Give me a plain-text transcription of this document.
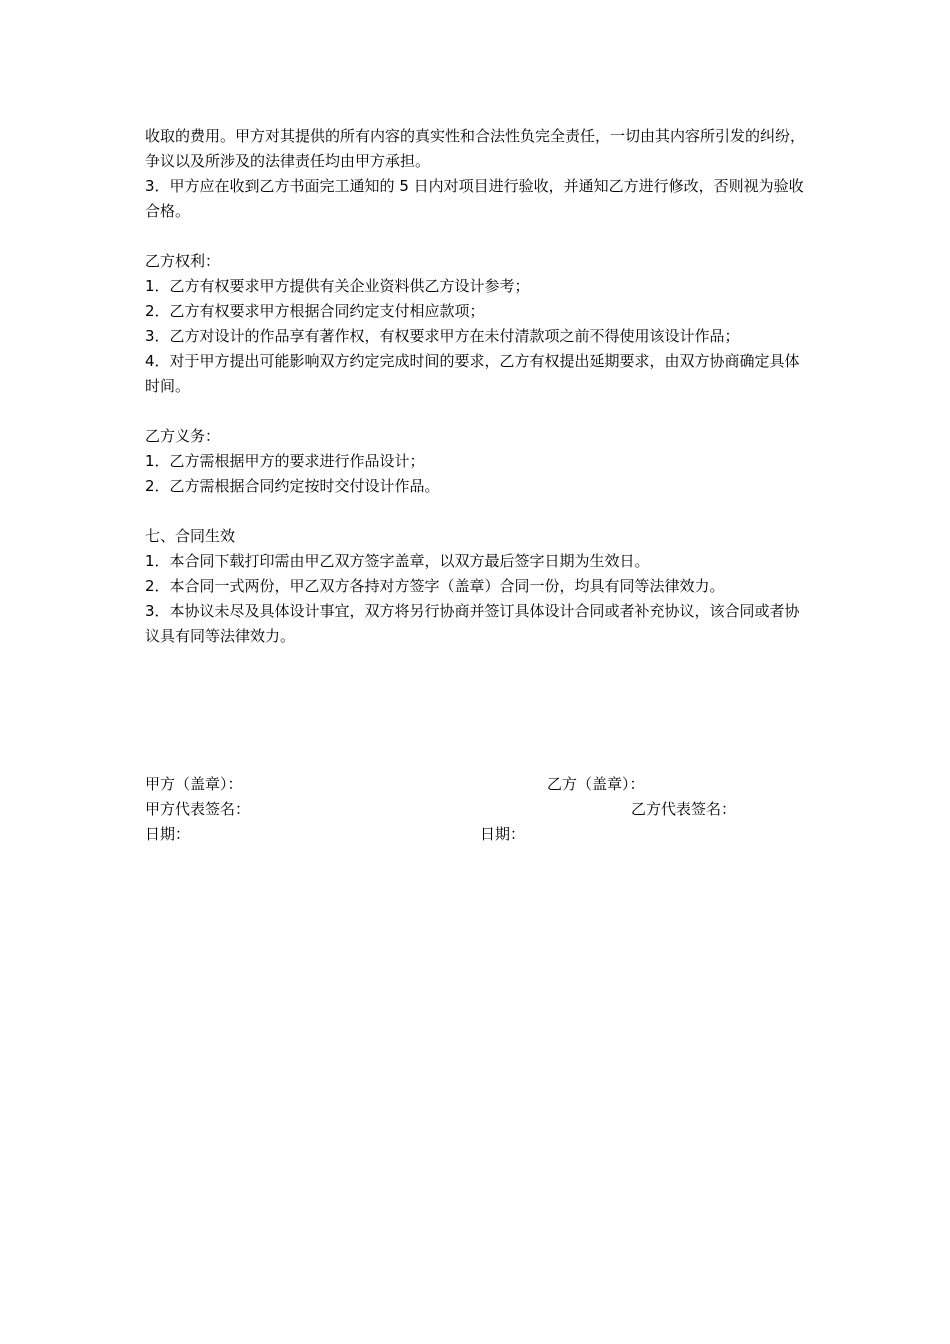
收取的费用。甲方对其提供的所有内容的真实性和合法性负完全责任，一切由其内容所引发的纠纷，争议以及所涉及的法律责任均由甲方承担。

3．甲方应在收到乙方书面完工通知的 5 日内对项目进行验收，并通知乙方进行修改，否则视为验收合格。

乙方权利：

1．乙方有权要求甲方提供有关企业资料供乙方设计参考；

2．乙方有权要求甲方根据合同约定支付相应款项；

3．乙方对设计的作品享有著作权，有权要求甲方在未付清款项之前不得使用该设计作品；

4．对于甲方提出可能影响双方约定完成时间的要求，乙方有权提出延期要求，由双方协商确定具体时间。

乙方义务：

1．乙方需根据甲方的要求进行作品设计；

2．乙方需根据合同约定按时交付设计作品。

七、合同生效

1．本合同下载打印需由甲乙双方签字盖章，以双方最后签字日期为生效日。

2．本合同一式两份，甲乙双方各持对方签字（盖章）合同一份，均具有同等法律效力。

3．本协议未尽及具体设计事宜，双方将另行协商并签订具体设计合同或者补充协议，该合同或者协议具有同等法律效力。

甲方（盖章）：	乙方（盖章）：
甲方代表签名：	乙方代表签名：
日期：	日期：
